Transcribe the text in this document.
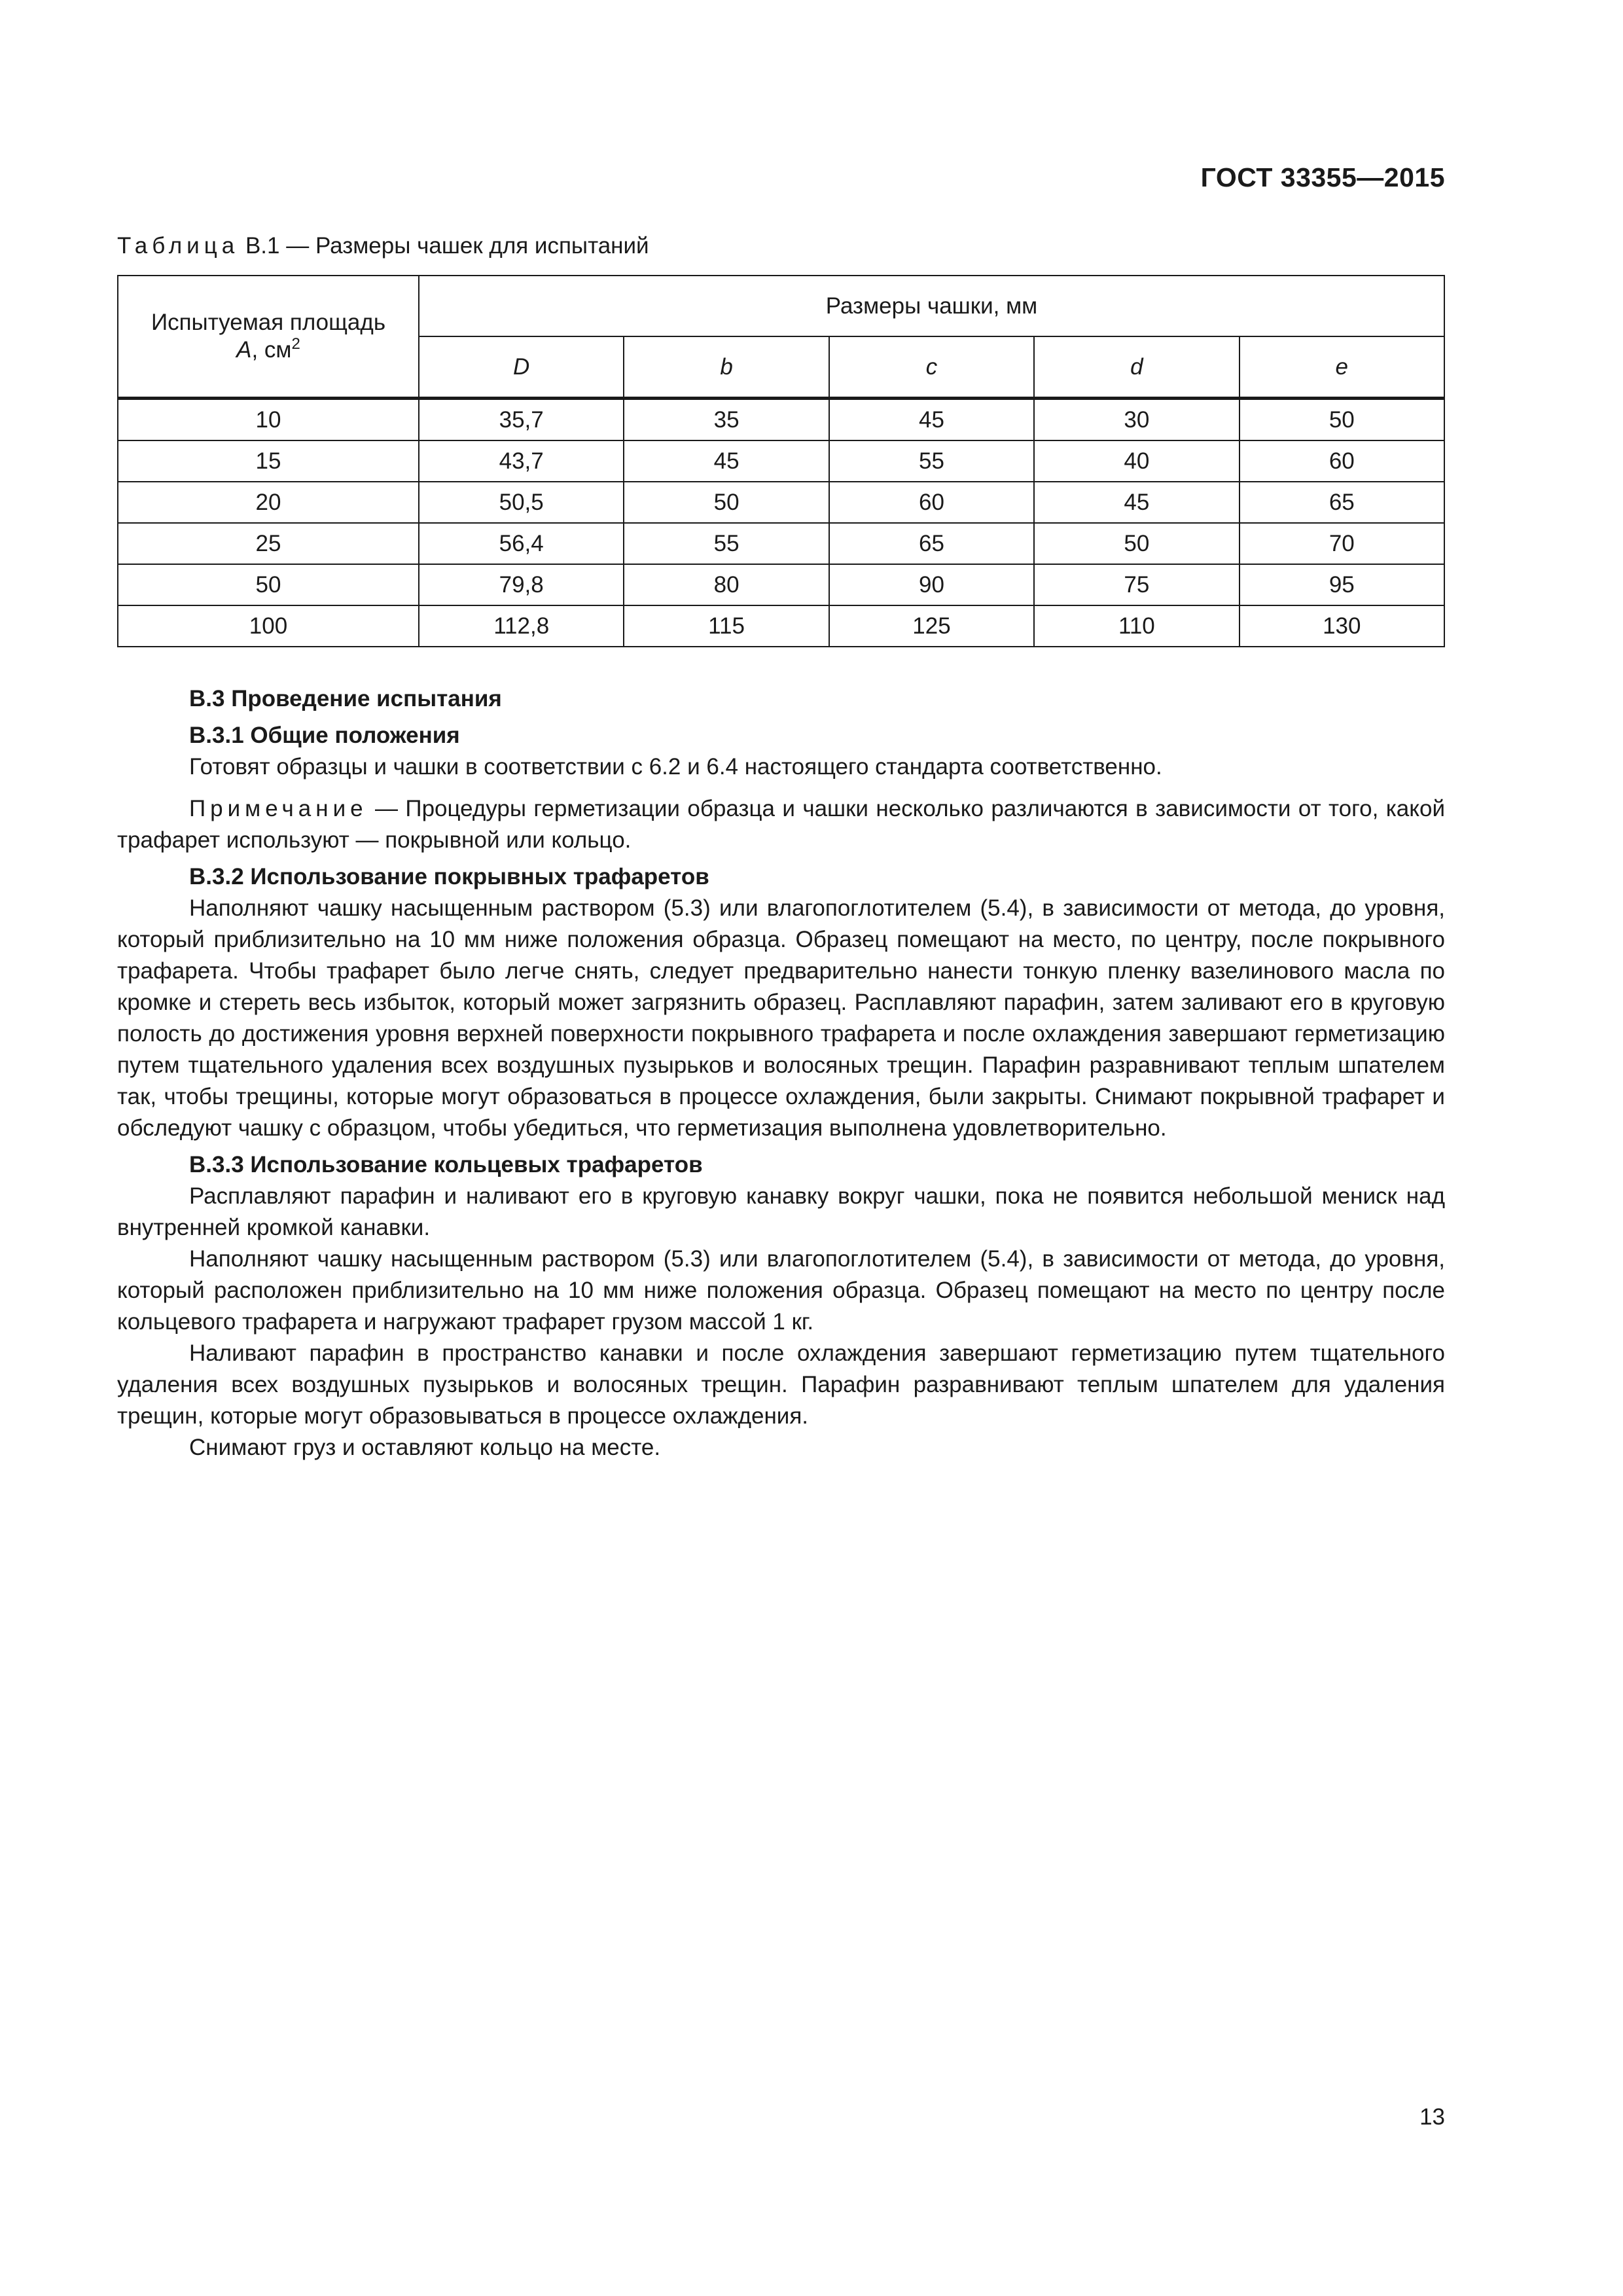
ГОСТ 33355—2015
Таблица В.1 — Размеры чашек для испытаний
Испытуемая площадь
А, $см^2$	Размеры чашки, мм				
	D	b	c	d	e
10	35,7	35	45	30	50
15	43,7	45	55	40	60
20	50,5	50	60	45	65
25	56,4	55	65	50	70
50	79,8	80	90	75	95
100	112,8	115	125	110	130
В.3 Проведение испытания
В.3.1 Общие положения

Готовят образцы и чашки в соответствии с 6.2 и 6.4 настоящего стандарта соответственно.

Примечание — Процедуры герметизации образца и чашки несколько различаются в зависимости от того, какой трафарет используют — покрывной или кольцо.

В.3.2 Использование покрывных трафаретов

Наполняют чашку насыщенным раствором (5.3) или влагопоглотителем (5.4), в зависимости от метода, до уровня, который приблизительно на 10 мм ниже положения образца. Образец помещают на место, по центру, после покрывного трафарета. Чтобы трафарет было легче снять, следует предварительно нанести тонкую пленку вазелинового масла по кромке и стереть весь избыток, который может загрязнить образец. Расплавляют парафин, затем заливают его в круговую полость до достижения уровня верхней поверхности покрывного трафарета и после охлаждения завершают герметизацию путем тщательного удаления всех воздушных пузырьков и волосяных трещин. Парафин разравнивают теплым шпателем так, чтобы трещины, которые могут образоваться в процессе охлаждения, были закрыты. Снимают покрывной трафарет и обследуют чашку с образцом, чтобы убедиться, что герметизация выполнена удовлетворительно.

В.3.3 Использование кольцевых трафаретов

Расплавляют парафин и наливают его в круговую канавку вокруг чашки, пока не появится небольшой мениск над внутренней кромкой канавки.

Наполняют чашку насыщенным раствором (5.3) или влагопоглотителем (5.4), в зависимости от метода, до уровня, который расположен приблизительно на 10 мм ниже положения образца. Образец помещают на место по центру после кольцевого трафарета и нагружают трафарет грузом массой 1 кг.

Наливают парафин в пространство канавки и после охлаждения завершают герметизацию путем тщательного удаления всех воздушных пузырьков и волосяных трещин. Парафин разравнивают теплым шпателем для удаления трещин, которые могут образовываться в процессе охлаждения.

Снимают груз и оставляют кольцо на месте.

13
